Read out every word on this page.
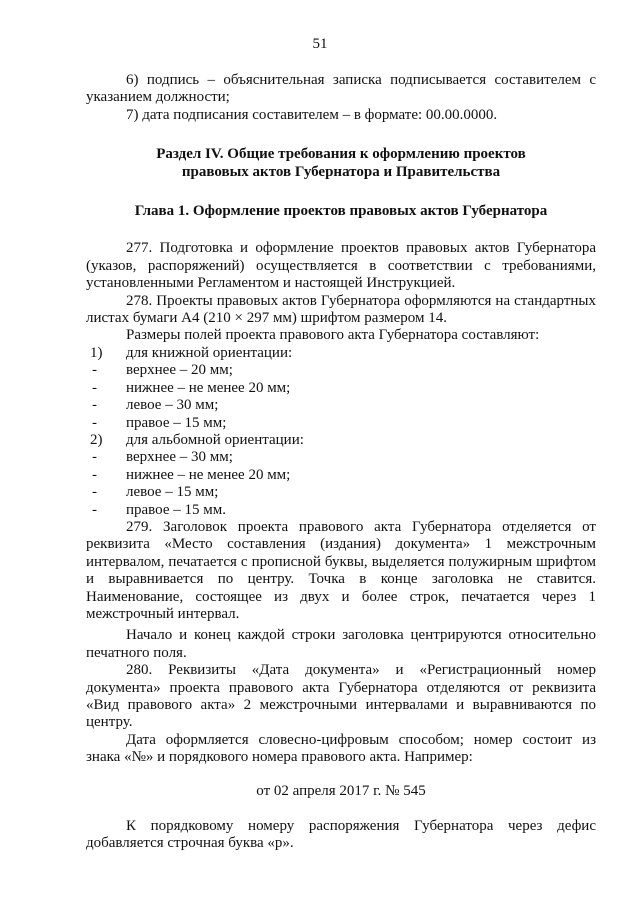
51

6) подпись – объяснительная записка подписывается составителем с указанием должности;

7) дата подписания составителем – в формате: 00.00.0000.

Раздел IV. Общие требования к оформлению проектов
правовых актов Губернатора и Правительства
Глава 1. Оформление проектов правовых актов Губернатора

277. Подготовка и оформление проектов правовых актов Губернатора (указов, распоряжений) осуществляется в соответствии с требованиями, установленными Регламентом и настоящей Инструкцией.

278. Проекты правовых актов Губернатора оформляются на стандартных листах бумаги А4 (210 × 297 мм) шрифтом размером 14.

Размеры полей проекта правового акта Губернатора составляют:

1)	для книжной ориентации:
-	верхнее – 20 мм;
-	нижнее – не менее 20 мм;
-	левое – 30 мм;
-	правое – 15 мм;
2)	для альбомной ориентации:
-	верхнее – 30 мм;
-	нижнее – не менее 20 мм;
-	левое – 15 мм;
-	правое – 15 мм.

279. Заголовок проекта правового акта Губернатора отделяется от реквизита «Место составления (издания) документа» 1 межстрочным интервалом, печатается с прописной буквы, выделяется полужирным шрифтом и выравнивается по центру. Точка в конце заголовка не ставится. Наименование, состоящее из двух и более строк, печатается через 1 межстрочный интервал.

Начало и конец каждой строки заголовка центрируются относительно печатного поля.

280. Реквизиты «Дата документа» и «Регистрационный номер документа» проекта правового акта Губернатора отделяются от реквизита «Вид правового акта» 2 межстрочными интервалами и выравниваются по центру.

Дата оформляется словесно-цифровым способом; номер состоит из знака «№» и порядкового номера правового акта. Например:

от 02 апреля 2017 г. № 545

К порядковому номеру распоряжения Губернатора через дефис добавляется строчная буква «р».
